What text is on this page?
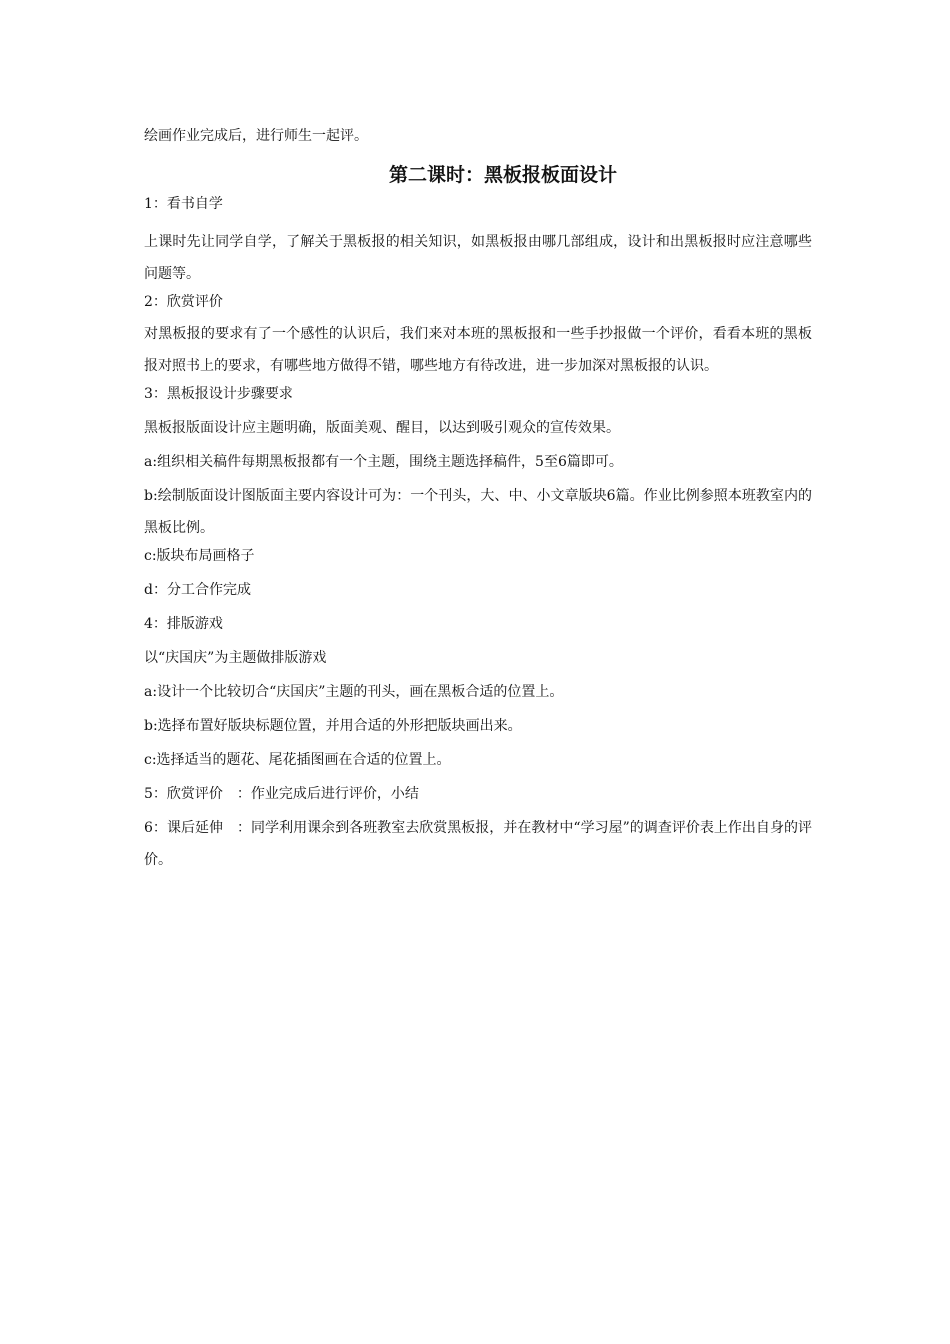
绘画作业完成后，进行师生一起评。

第二课时：黑板报板面设计

1：看书自学

上课时先让同学自学，了解关于黑板报的相关知识，如黑板报由哪几部组成，设计和出黑板报时应注意哪些问题等。

2：欣赏评价

对黑板报的要求有了一个感性的认识后，我们来对本班的黑板报和一些手抄报做一个评价，看看本班的黑板报对照书上的要求，有哪些地方做得不错，哪些地方有待改进，进一步加深对黑板报的认识。

3：黑板报设计步骤要求

黑板报版面设计应主题明确，版面美观、醒目，以达到吸引观众的宣传效果。

a:组织相关稿件每期黑板报都有一个主题，围绕主题选择稿件，5至6篇即可。

b:绘制版面设计图版面主要内容设计可为：一个刊头，大、中、小文章版块6篇。作业比例参照本班教室内的黑板比例。

c:版块布局画格子

d：分工合作完成

4：排版游戏

以“庆国庆”为主题做排版游戏

a:设计一个比较切合“庆国庆”主题的刊头，画在黑板合适的位置上。

b:选择布置好版块标题位置，并用合适的外形把版块画出来。

c:选择适当的题花、尾花插图画在合适的位置上。

5：欣赏评价　：作业完成后进行评价，小结

6：课后延伸　：同学利用课余到各班教室去欣赏黑板报，并在教材中“学习屋”的调查评价表上作出自身的评价。
